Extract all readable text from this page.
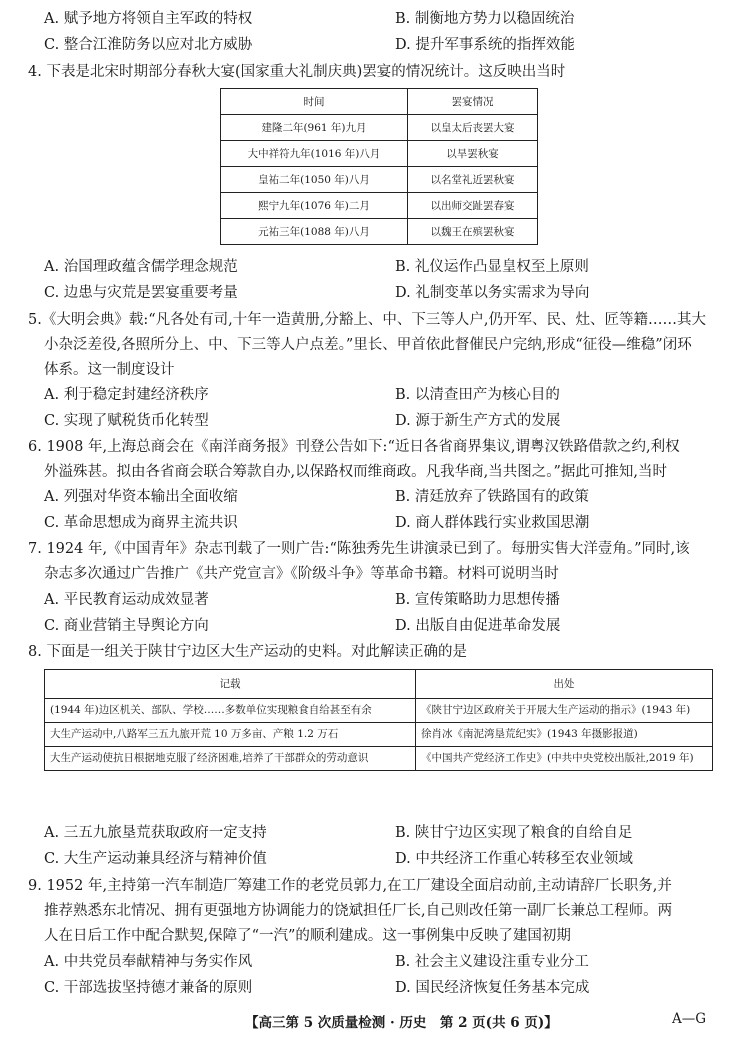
A. 赋予地方将领自主军政的特权	B. 制衡地方势力以稳固统治
C. 整合江淮防务以应对北方威胁	D. 提升军事系统的指挥效能
4. 下表是北宋时期部分春秋大宴(国家重大礼制庆典)罢宴的情况统计。这反映出当时
时间	罢宴情况
建隆二年(961 年)九月	以皇太后丧罢大宴
大中祥符九年(1016 年)八月	以旱罢秋宴
皇祐二年(1050 年)八月	以名堂礼近罢秋宴
熙宁九年(1076 年)二月	以出师交趾罢春宴
元祐三年(1088 年)八月	以魏王在殡罢秋宴
A. 治国理政蕴含儒学理念规范	B. 礼仪运作凸显皇权至上原则
C. 边患与灾荒是罢宴重要考量	D. 礼制变革以务实需求为导向
5.《大明会典》载:“凡各处有司,十年一造黄册,分豁上、中、下三等人户,仍开军、民、灶、匠等籍……其大
小杂泛差役,各照所分上、中、下三等人户点差。”里长、甲首依此督催民户完纳,形成“征役—维稳”闭环
体系。这一制度设计
A. 利于稳定封建经济秩序	B. 以清查田产为核心目的
C. 实现了赋税货币化转型	D. 源于新生产方式的发展
6. 1908 年,上海总商会在《南洋商务报》刊登公告如下:“近日各省商界集议,谓粤汉铁路借款之约,利权
外溢殊甚。拟由各省商会联合筹款自办,以保路权而维商政。凡我华商,当共图之。”据此可推知,当时
A. 列强对华资本输出全面收缩	B. 清廷放弃了铁路国有的政策
C. 革命思想成为商界主流共识	D. 商人群体践行实业救国思潮
7. 1924 年,《中国青年》杂志刊载了一则广告:“陈独秀先生讲演录已到了。每册实售大洋壹角。”同时,该
杂志多次通过广告推广《共产党宣言》《阶级斗争》等革命书籍。材料可说明当时
A. 平民教育运动成效显著	B. 宣传策略助力思想传播
C. 商业营销主导舆论方向	D. 出版自由促进革命发展
8. 下面是一组关于陕甘宁边区大生产运动的史料。对此解读正确的是
记载	出处
(1944 年)边区机关、部队、学校……多数单位实现粮食自给甚至有余	《陕甘宁边区政府关于开展大生产运动的指示》(1943 年)
大生产运动中,八路军三五九旅开荒 10 万多亩、产粮 1.2 万石	徐肖冰《南泥湾垦荒纪实》(1943 年摄影报道)
大生产运动使抗日根据地克服了经济困难,培养了干部群众的劳动意识	《中国共产党经济工作史》(中共中央党校出版社,2019 年)
A. 三五九旅垦荒获取政府一定支持	B. 陕甘宁边区实现了粮食的自给自足
C. 大生产运动兼具经济与精神价值	D. 中共经济工作重心转移至农业领域
9. 1952 年,主持第一汽车制造厂筹建工作的老党员郭力,在工厂建设全面启动前,主动请辞厂长职务,并
推荐熟悉东北情况、拥有更强地方协调能力的饶斌担任厂长,自己则改任第一副厂长兼总工程师。两
人在日后工作中配合默契,保障了“一汽”的顺利建成。这一事例集中反映了建国初期
A. 中共党员奉献精神与务实作风	B. 社会主义建设注重专业分工
C. 干部选拔坚持德才兼备的原则	D. 国民经济恢复任务基本完成
【高三第 5 次质量检测 · 历史　第 2 页(共 6 页)】	A—G
